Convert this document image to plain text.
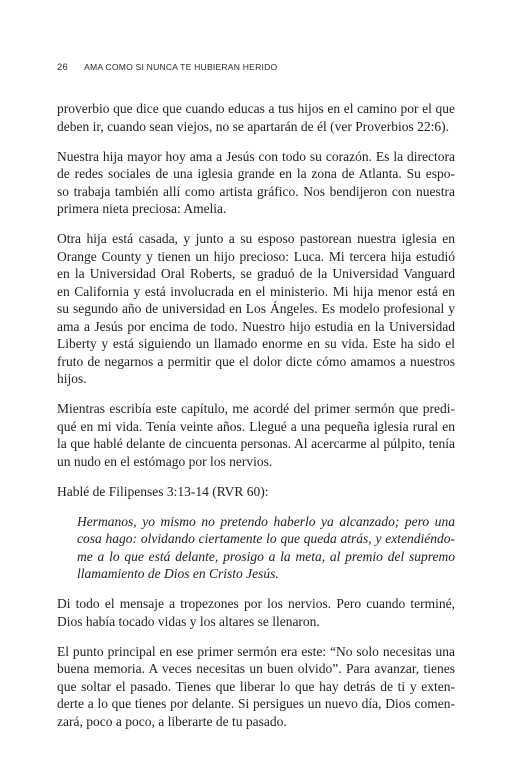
26 AMA COMO SI NUNCA TE HUBIERAN HERIDO

proverbio que dice que cuando educas a tus hijos en el camino por el que
deben ir, cuando sean viejos, no se apartarán de él (ver Proverbios 22:6).

Nuestra hija mayor hoy ama a Jesús con todo su corazón. Es la directora
de redes sociales de una iglesia grande en la zona de Atlanta. Su espo-
so trabaja también allí como artista gráfico. Nos bendijeron con nuestra
primera nieta preciosa: Amelia.

Otra hija está casada, y junto a su esposo pastorean nuestra iglesia en
Orange County y tienen un hijo precioso: Luca. Mi tercera hija estudió
en la Universidad Oral Roberts, se graduó de la Universidad Vanguard
en California y está involucrada en el ministerio. Mi hija menor está en
su segundo año de universidad en Los Ángeles. Es modelo profesional y
ama a Jesús por encima de todo. Nuestro hijo estudia en la Universidad
Liberty y está siguiendo un llamado enorme en su vida. Este ha sido el
fruto de negarnos a permitir que el dolor dicte cómo amamos a nuestros
hijos.

Mientras escribía este capítulo, me acordé del primer sermón que predi-
qué en mi vida. Tenía veinte años. Llegué a una pequeña iglesia rural en
la que hablé delante de cincuenta personas. Al acercarme al púlpito, tenía
un nudo en el estómago por los nervios.

Hablé de Filipenses 3:13-14 (RVR 60):

Hermanos, yo mismo no pretendo haberlo ya alcanzado; pero una
cosa hago: olvidando ciertamente lo que queda atrás, y extendiéndo-
me a lo que está delante, prosigo a la meta, al premio del supremo
llamamiento de Dios en Cristo Jesús.

Di todo el mensaje a tropezones por los nervios. Pero cuando terminé,
Dios había tocado vidas y los altares se llenaron.

El punto principal en ese primer sermón era este: “No solo necesitas una
buena memoria. A veces necesitas un buen olvido”. Para avanzar, tienes
que soltar el pasado. Tienes que liberar lo que hay detrás de ti y exten-
derte a lo que tienes por delante. Si persigues un nuevo día, Dios comen-
zará, poco a poco, a liberarte de tu pasado.
